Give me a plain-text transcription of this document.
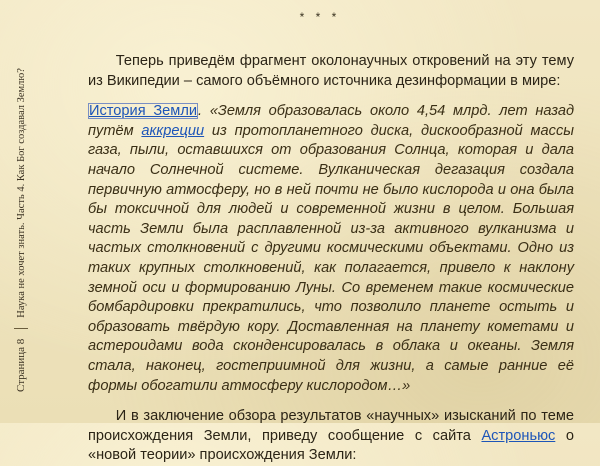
Страница 8
Наука не хочет знать. Часть 4. Как Бог создавал Землю?
* * *

Теперь приведём фрагмент околонаучных откровений на эту тему из Википедии – самого объёмного источника дезинформации в мире:

История Земли. «Земля образовалась около 4,54 млрд. лет назад путём аккреции из протопланетного диска, дискообразной массы газа, пыли, оставшихся от образования Солнца, которая и дала начало Солнечной системе. Вулканическая дегазация создала первичную атмосферу, но в ней почти не было кислорода и она была бы токсичной для людей и современной жизни в целом. Большая часть Земли была расплавленной из-за активного вулканизма и частых столкновений с другими космическими объектами. Одно из таких крупных столкновений, как полагается, привело к наклону земной оси и формированию Луны. Со временем такие космические бомбардировки прекратились, что позволило планете остыть и образовать твёрдую кору. Доставленная на планету кометами и астероидами вода сконденсировалась в облака и океаны. Земля стала, наконец, гостеприимной для жизни, а самые ранние её формы обогатили атмосферу кислородом…»

И в заключение обзора результатов «научных» изысканий по теме происхождения Земли, приведу сообщение с сайта Астроньюс о «новой теории» происхождения Земли:
